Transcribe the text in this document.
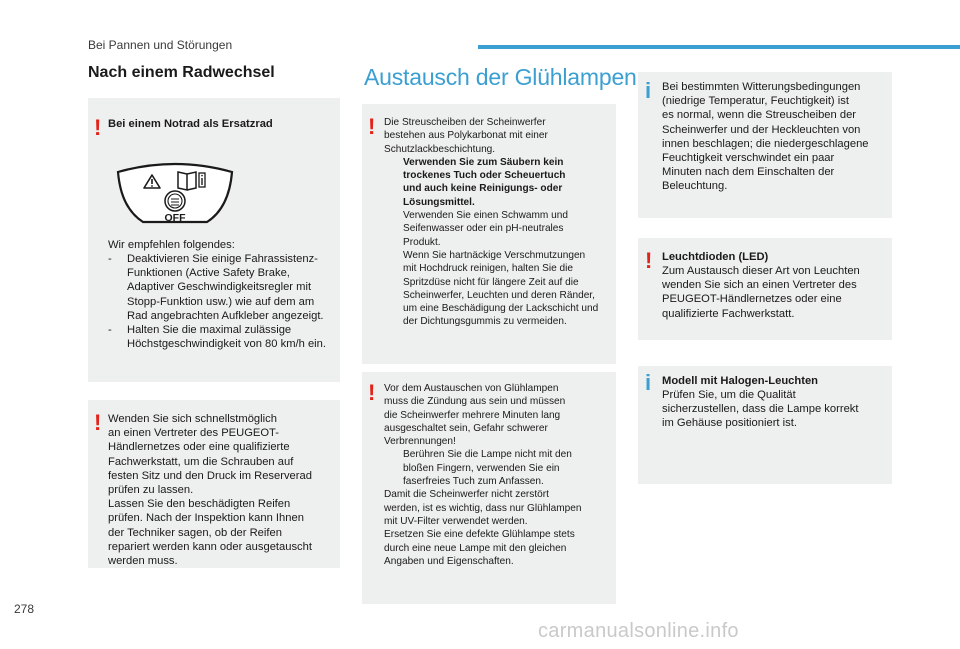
Bei Pannen und Störungen
Nach einem Radwechsel	Austausch der Glühlampen
! Bei einem Notrad als Ersatzrad
OFF
Wir empfehlen folgendes:
- Deaktivieren Sie einige Fahrassistenz-
Funktionen (Active Safety Brake,
Adaptiver Geschwindigkeitsregler mit
Stopp-Funktion usw.) wie auf dem am
Rad angebrachten Aufkleber angezeigt.
- Halten Sie die maximal zulässige
Höchstgeschwindigkeit von 80 km/h ein.
! Wenden Sie sich schnellstmöglich
an einen Vertreter des PEUGEOT-
Händlernetzes oder eine qualifizierte
Fachwerkstatt, um die Schrauben auf
festen Sitz und den Druck im Reserverad
prüfen zu lassen.
Lassen Sie den beschädigten Reifen
prüfen. Nach der Inspektion kann Ihnen
der Techniker sagen, ob der Reifen
repariert werden kann oder ausgetauscht
werden muss.
! Die Streuscheiben der Scheinwerfer
bestehen aus Polykarbonat mit einer
Schutzlackbeschichtung.
Verwenden Sie zum Säubern kein
trockenes Tuch oder Scheuertuch
und auch keine Reinigungs- oder
Lösungsmittel.
Verwenden Sie einen Schwamm und
Seifenwasser oder ein pH-neutrales
Produkt.
Wenn Sie hartnäckige Verschmutzungen
mit Hochdruck reinigen, halten Sie die
Spritzdüse nicht für längere Zeit auf die
Scheinwerfer, Leuchten und deren Ränder,
um eine Beschädigung der Lackschicht und
der Dichtungsgummis zu vermeiden.
! Vor dem Austauschen von Glühlampen
muss die Zündung aus sein und müssen
die Scheinwerfer mehrere Minuten lang
ausgeschaltet sein, Gefahr schwerer
Verbrennungen!
Berühren Sie die Lampe nicht mit den
bloßen Fingern, verwenden Sie ein
faserfreies Tuch zum Anfassen.
Damit die Scheinwerfer nicht zerstört
werden, ist es wichtig, dass nur Glühlampen
mit UV-Filter verwendet werden.
Ersetzen Sie eine defekte Glühlampe stets
durch eine neue Lampe mit den gleichen
Angaben und Eigenschaften.
i Bei bestimmten Witterungsbedingungen
(niedrige Temperatur, Feuchtigkeit) ist
es normal, wenn die Streuscheiben der
Scheinwerfer und der Heckleuchten von
innen beschlagen; die niedergeschlagene
Feuchtigkeit verschwindet ein paar
Minuten nach dem Einschalten der
Beleuchtung.
! Leuchtdioden (LED)
Zum Austausch dieser Art von Leuchten
wenden Sie sich an einen Vertreter des
PEUGEOT-Händlernetzes oder eine
qualifizierte Fachwerkstatt.
i Modell mit Halogen-Leuchten
Prüfen Sie, um die Qualität
sicherzustellen, dass die Lampe korrekt
im Gehäuse positioniert ist.
278
carmanualsonline.info
